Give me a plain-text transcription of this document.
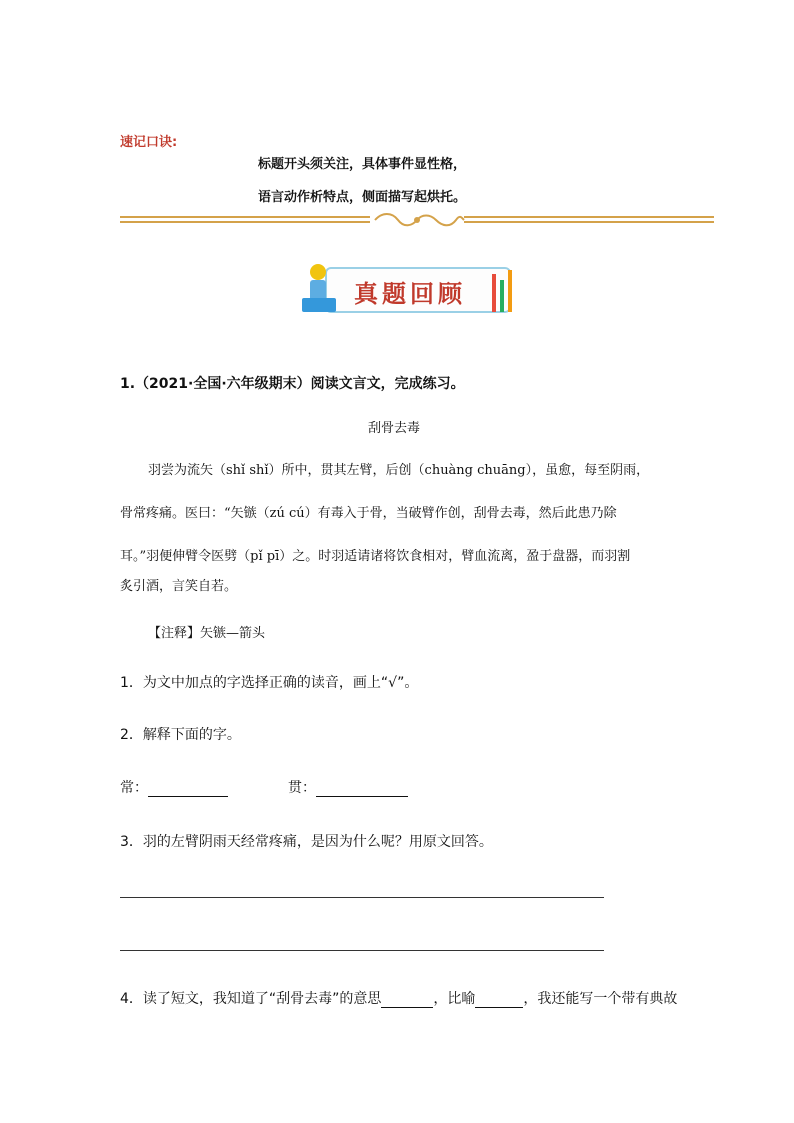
速记口诀:
标题开头须关注，具体事件显性格，
语言动作析特点，侧面描写起烘托。
真题回顾
1.（2021·全国·六年级期末）阅读文言文，完成练习。
刮骨去毒
羽尝为流矢（shǐ shǐ）所中，贯其左臂，后创（chuàng chuāng），虽愈，每至阴雨，
骨常疼痛。医曰：“矢镞（zú cú）有毒入于骨，当破臂作创，刮骨去毒，然后此患乃除
耳。”羽便伸臂令医劈（pǐ pī）之。时羽适请诸将饮食相对，臂血流离，盈于盘器，而羽割
炙引酒，言笑自若。
【注释】矢镞—箭头
1．为文中加点的字选择正确的读音，画上“√”。
2．解释下面的字。
常：	贯：
3．羽的左臂阴雨天经常疼痛，是因为什么呢？用原文回答。
4．读了短文，我知道了“刮骨去毒”的意思	，比喻	，我还能写一个带有典故
